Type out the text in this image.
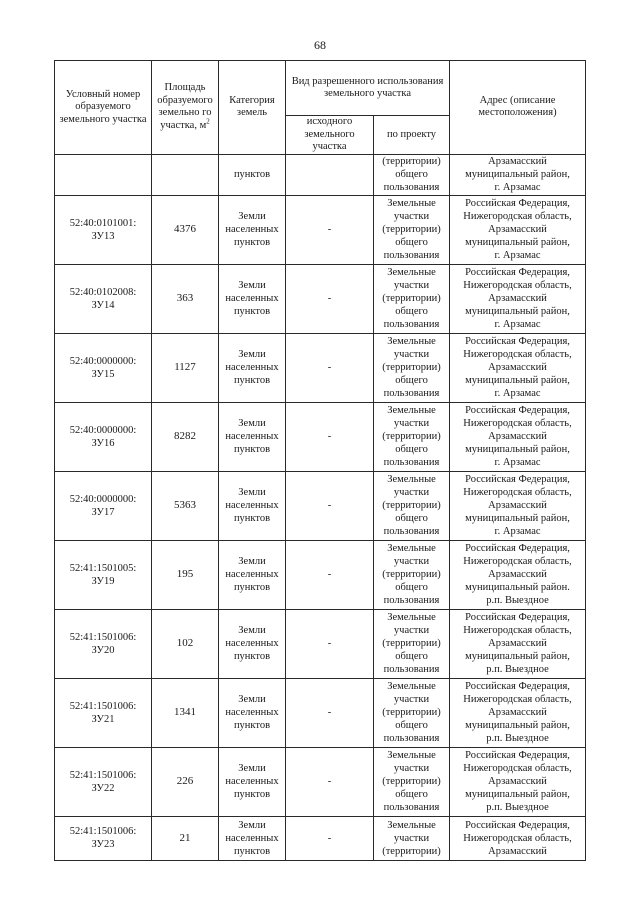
68
Условный номер образуемого земельного участка	Площадь образуемого земельно го участка, $м^2$	Категория земель	Вид разрешенного использования земельного участка		Адрес (описание местоположения)
			исходного земельного участка	по проекту	
		пунктов		(территории)
общего
пользования	Арзамасский
муниципальный район,
г. Арзамас
52:40:0101001:
ЗУ13	4376	Земли
населенных
пунктов	-	Земельные
участки
(территории)
общего
пользования	Российская Федерация,
Нижегородская область,
Арзамасский
муниципальный район,
г. Арзамас
52:40:0102008:
ЗУ14	363	Земли
населенных
пунктов	-	Земельные
участки
(территории)
общего
пользования	Российская Федерация,
Нижегородская область,
Арзамасский
муниципальный район,
г. Арзамас
52:40:0000000:
ЗУ15	1127	Земли
населенных
пунктов	-	Земельные
участки
(территории)
общего
пользования	Российская Федерация,
Нижегородская область,
Арзамасский
муниципальный район,
г. Арзамас
52:40:0000000:
ЗУ16	8282	Земли
населенных
пунктов	-	Земельные
участки
(территории)
общего
пользования	Российская Федерация,
Нижегородская область,
Арзамасский
муниципальный район,
г. Арзамас
52:40:0000000:
ЗУ17	5363	Земли
населенных
пунктов	-	Земельные
участки
(территории)
общего
пользования	Российская Федерация,
Нижегородская область,
Арзамасский
муниципальный район,
г. Арзамас
52:41:1501005:
ЗУ19	195	Земли
населенных
пунктов	-	Земельные
участки
(территории)
общего
пользования	Российская Федерация,
Нижегородская область,
Арзамасский
муниципальный район.
р.п. Выездное
52:41:1501006:
ЗУ20	102	Земли
населенных
пунктов	-	Земельные
участки
(территории)
общего
пользования	Российская Федерация,
Нижегородская область,
Арзамасский
муниципальный район,
р.п. Выездное
52:41:1501006:
ЗУ21	1341	Земли
населенных
пунктов	-	Земельные
участки
(территории)
общего
пользования	Российская Федерация,
Нижегородская область,
Арзамасский
муниципальный район,
р.п. Выездное
52:41:1501006:
ЗУ22	226	Земли
населенных
пунктов	-	Земельные
участки
(территории)
общего
пользования	Российская Федерация,
Нижегородская область,
Арзамасский
муниципальный район,
р.п. Выездное
52:41:1501006:
ЗУ23	21	Земли
населенных
пунктов	-	Земельные
участки
(территории)	Российская Федерация,
Нижегородская область,
Арзамасский
